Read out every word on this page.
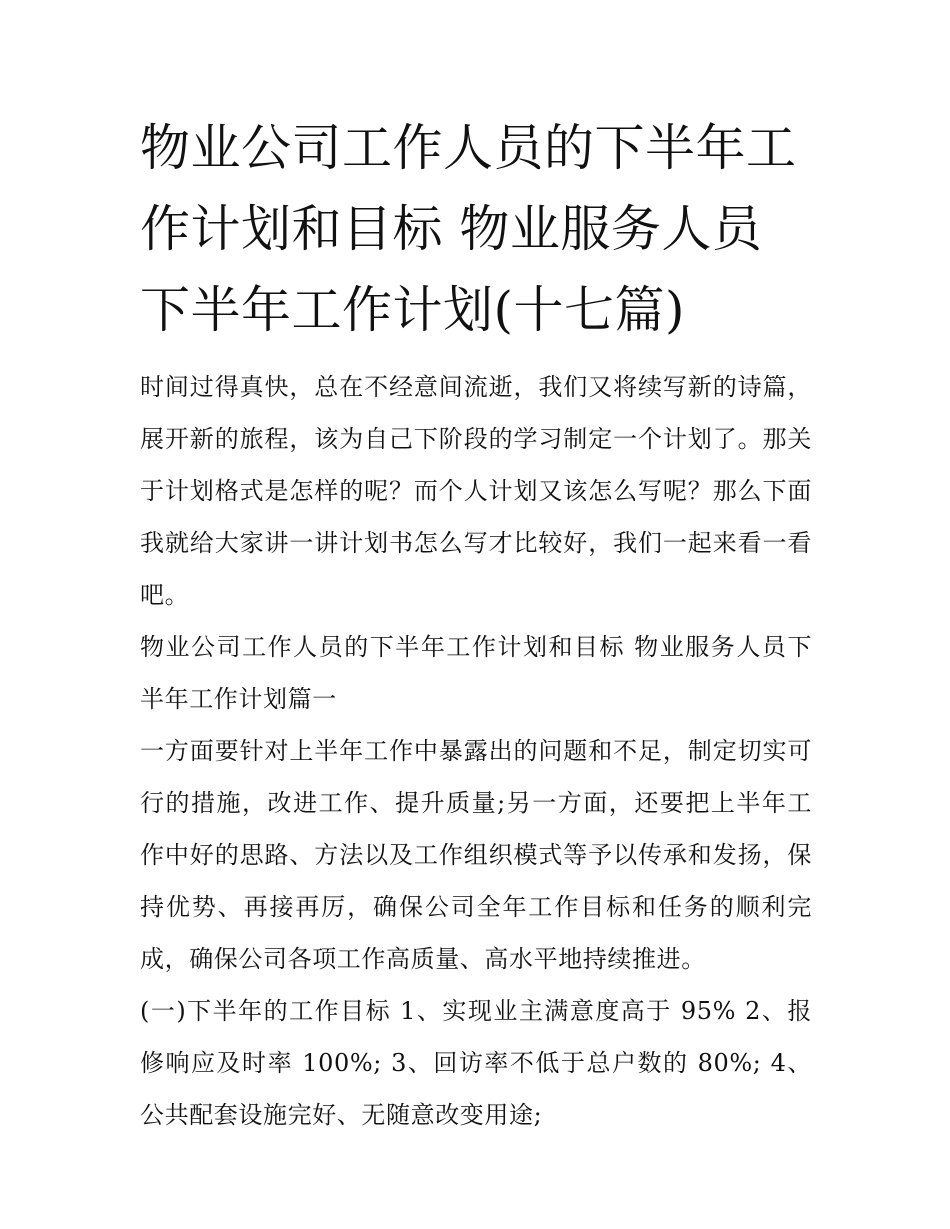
物业公司工作人员的下半年工作计划和目标 物业服务人员下半年工作计划(十七篇)

时间过得真快，总在不经意间流逝，我们又将续写新的诗篇，展开新的旅程，该为自己下阶段的学习制定一个计划了。那关于计划格式是怎样的呢？而个人计划又该怎么写呢？那么下面我就给大家讲一讲计划书怎么写才比较好，我们一起来看一看吧。

物业公司工作人员的下半年工作计划和目标 物业服务人员下半年工作计划篇一

一方面要针对上半年工作中暴露出的问题和不足，制定切实可行的措施，改进工作、提升质量;另一方面，还要把上半年工作中好的思路、方法以及工作组织模式等予以传承和发扬，保持优势、再接再厉，确保公司全年工作目标和任务的顺利完成，确保公司各项工作高质量、高水平地持续推进。

(一)下半年的工作目标 1、实现业主满意度高于 95% 2、报修响应及时率 100%; 3、回访率不低于总户数的 80%; 4、公共配套设施完好、无随意改变用途;
